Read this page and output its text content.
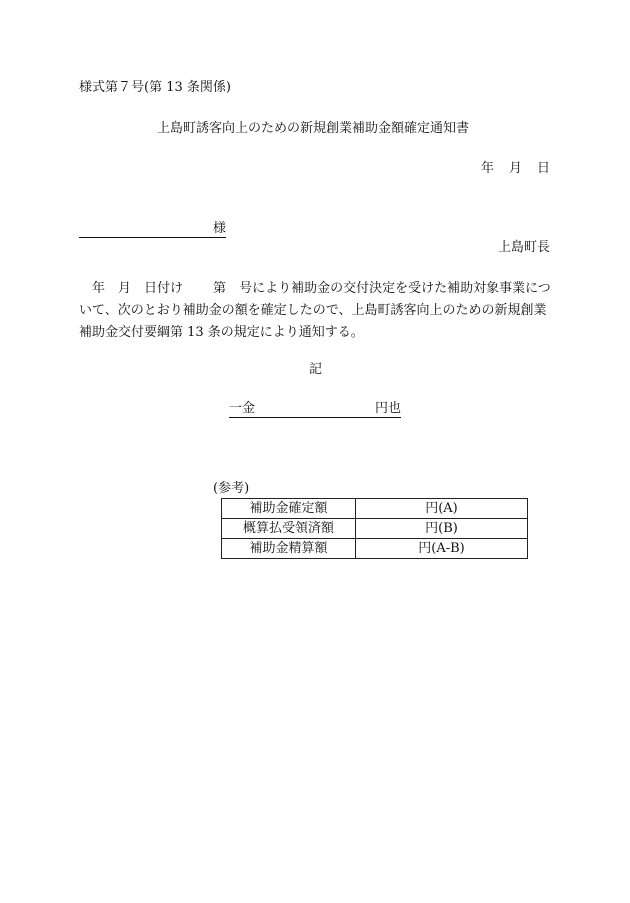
様式第７号(第 13 条関係)
上島町誘客向上のための新規創業補助金額確定通知書
年 月 日
様
上島町長
年 月 日付け 第 号により補助金の交付決定を受けた補助対象事業について、次のとおり補助金の額を確定したので、上島町誘客向上のための新規創業補助金交付要綱第 13 条の規定により通知する。
記
一金	円也
(参考)
補助金確定額	円(A)
概算払受領済額	円(B)
補助金精算額	円(A-B)
